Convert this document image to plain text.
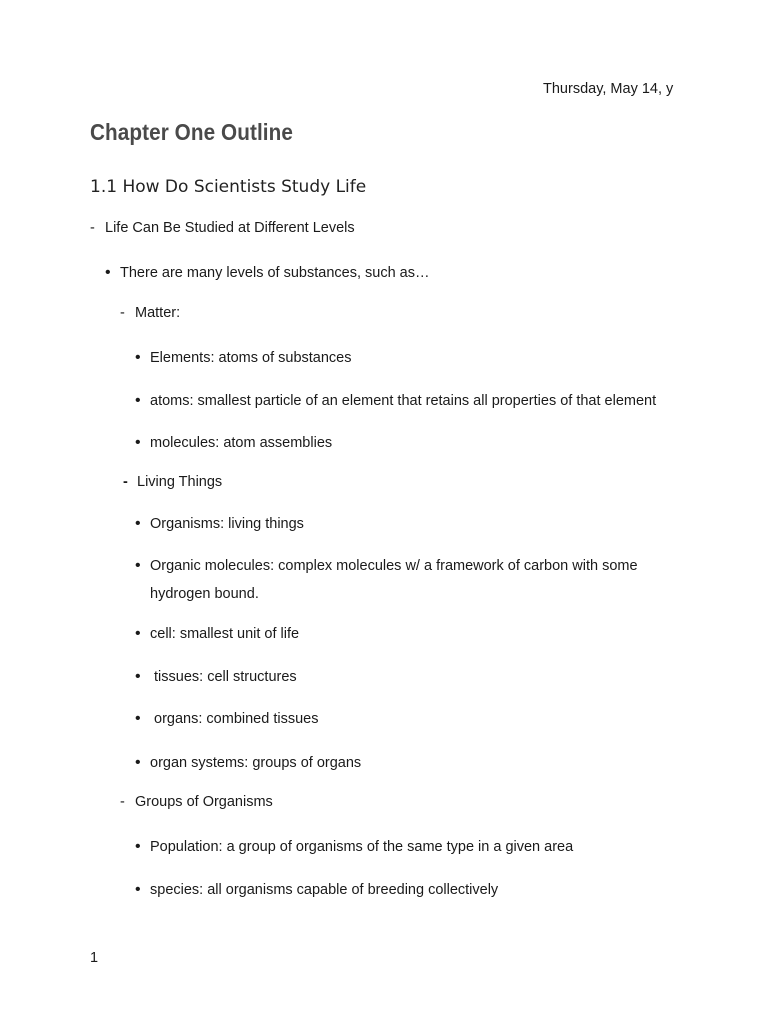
Thursday, May 14, y
Chapter One Outline
1.1 How Do Scientists Study Life
- Life Can Be Studied at Different Levels
• There are many levels of substances, such as…
- Matter:
• Elements: atoms of substances
• atoms: smallest particle of an element that retains all properties of that element
• molecules: atom assemblies
- Living Things
• Organisms: living things
• Organic molecules: complex molecules w/ a framework of carbon with some
hydrogen bound.
• cell: smallest unit of life
• tissues: cell structures
• organs: combined tissues
• organ systems: groups of organs
- Groups of Organisms
• Population: a group of organisms of the same type in a given area
• species: all organisms capable of breeding collectively
1
